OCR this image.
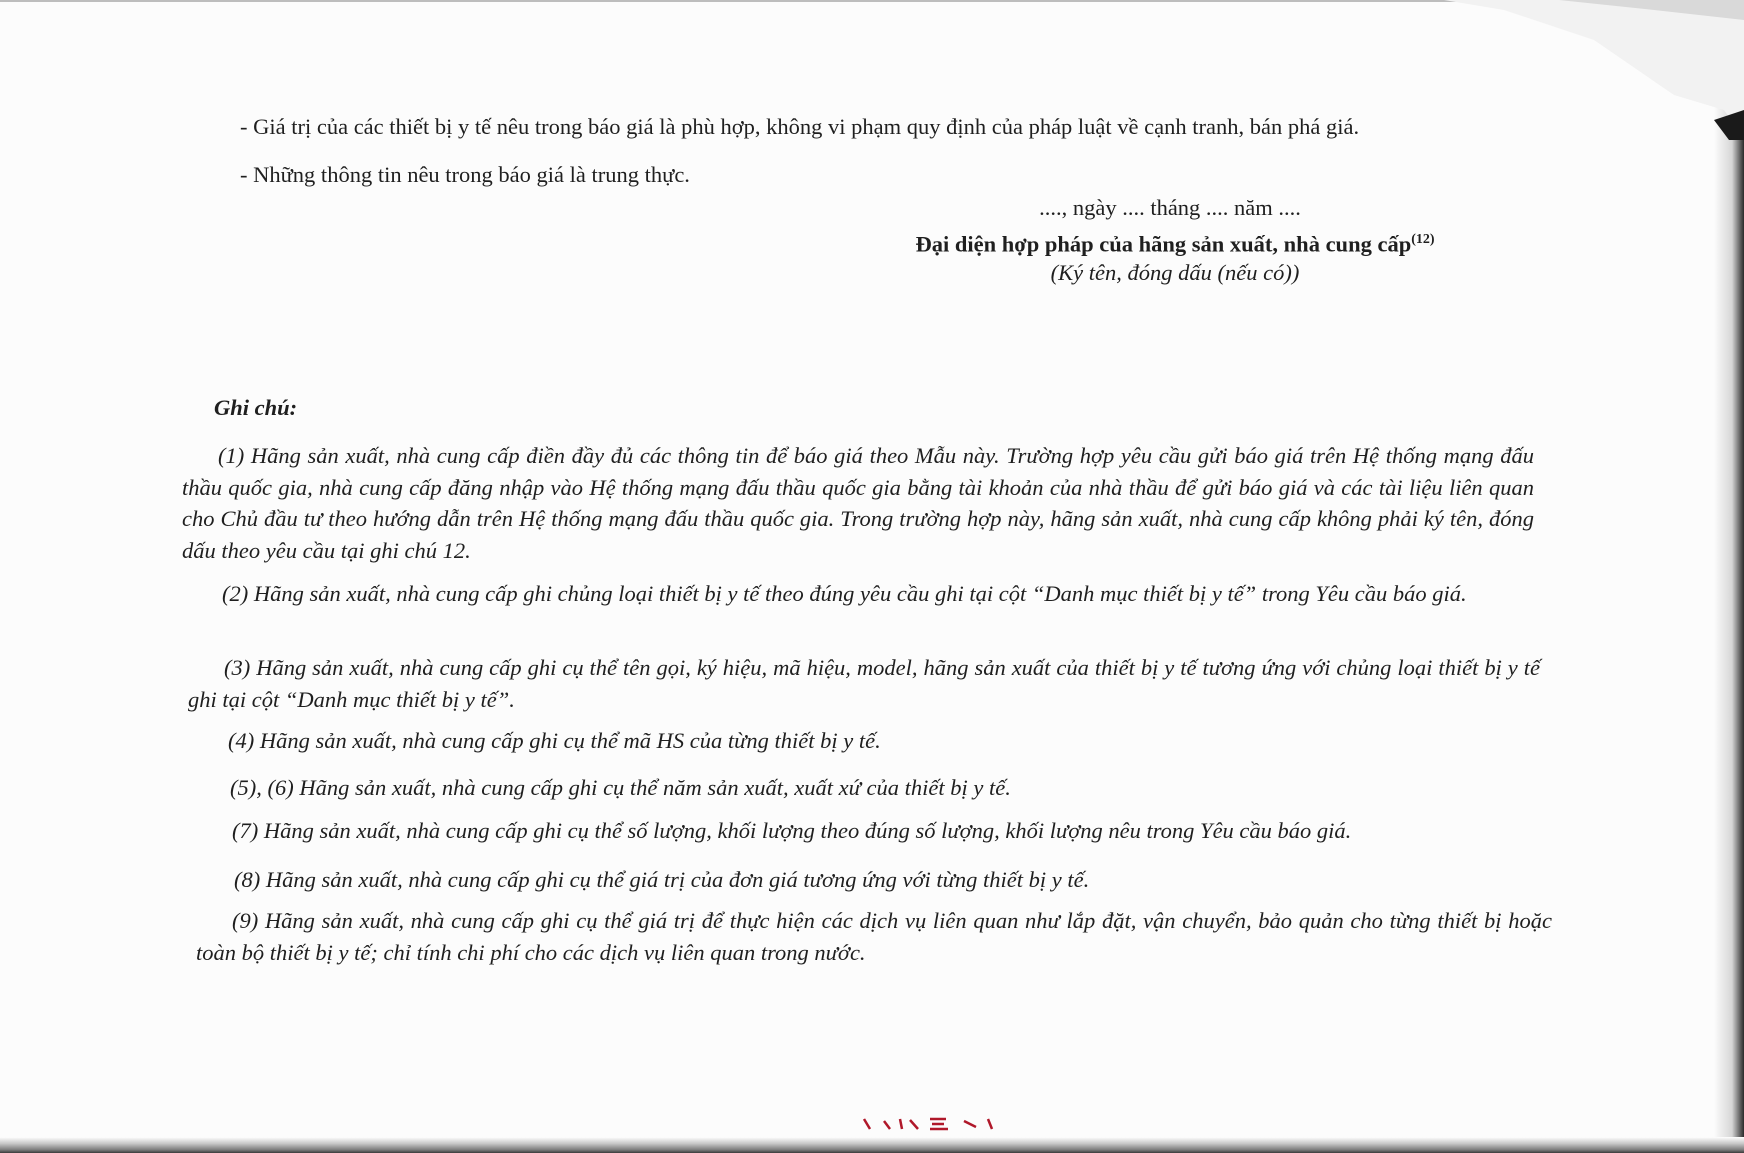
- Giá trị của các thiết bị y tế nêu trong báo giá là phù hợp, không vi phạm quy định của pháp luật về cạnh tranh, bán phá giá.

- Những thông tin nêu trong báo giá là trung thực.

...., ngày .... tháng .... năm ....

Đại diện hợp pháp của hãng sản xuất, nhà cung cấp$^{(12)}$

(Ký tên, đóng dấu (nếu có))

Ghi chú:

(1) Hãng sản xuất, nhà cung cấp điền đầy đủ các thông tin để báo giá theo Mẫu này. Trường hợp yêu cầu gửi báo giá trên Hệ thống mạng đấu thầu quốc gia, nhà cung cấp đăng nhập vào Hệ thống mạng đấu thầu quốc gia bằng tài khoản của nhà thầu để gửi báo giá và các tài liệu liên quan cho Chủ đầu tư theo hướng dẫn trên Hệ thống mạng đấu thầu quốc gia. Trong trường hợp này, hãng sản xuất, nhà cung cấp không phải ký tên, đóng dấu theo yêu cầu tại ghi chú 12.

(2) Hãng sản xuất, nhà cung cấp ghi chủng loại thiết bị y tế theo đúng yêu cầu ghi tại cột “Danh mục thiết bị y tế” trong Yêu cầu báo giá.

(3) Hãng sản xuất, nhà cung cấp ghi cụ thể tên gọi, ký hiệu, mã hiệu, model, hãng sản xuất của thiết bị y tế tương ứng với chủng loại thiết bị y tế ghi tại cột “Danh mục thiết bị y tế”.

(4) Hãng sản xuất, nhà cung cấp ghi cụ thể mã HS của từng thiết bị y tế.

(5), (6) Hãng sản xuất, nhà cung cấp ghi cụ thể năm sản xuất, xuất xứ của thiết bị y tế.

(7) Hãng sản xuất, nhà cung cấp ghi cụ thể số lượng, khối lượng theo đúng số lượng, khối lượng nêu trong Yêu cầu báo giá.

(8) Hãng sản xuất, nhà cung cấp ghi cụ thể giá trị của đơn giá tương ứng với từng thiết bị y tế.

(9) Hãng sản xuất, nhà cung cấp ghi cụ thể giá trị để thực hiện các dịch vụ liên quan như lắp đặt, vận chuyển, bảo quản cho từng thiết bị hoặc toàn bộ thiết bị y tế; chỉ tính chi phí cho các dịch vụ liên quan trong nước.
